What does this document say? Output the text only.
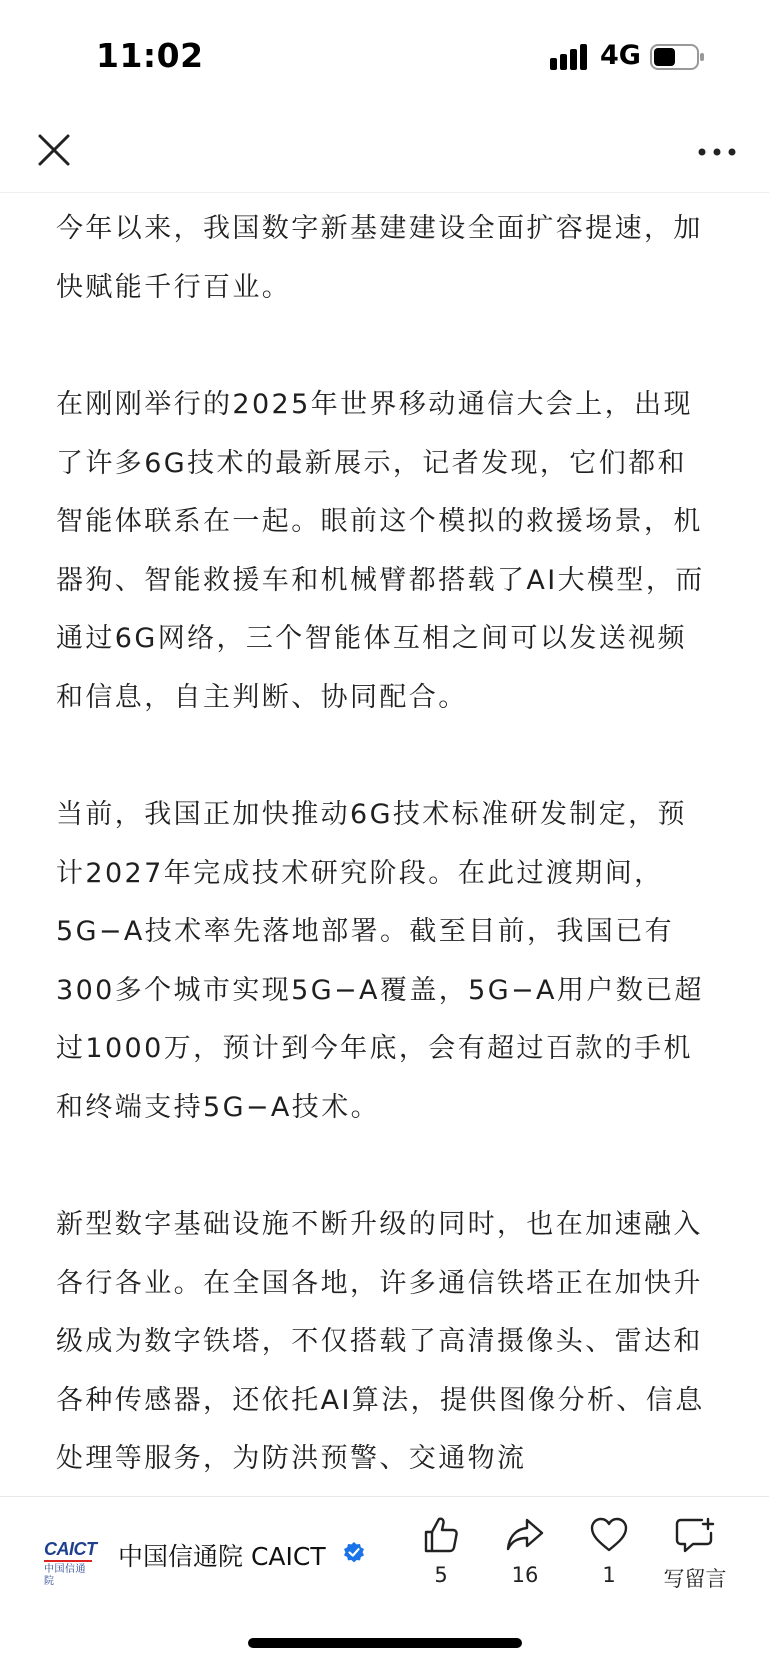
11:02	4G

今年以来，我国数字新基建建设全面扩容提速，加快赋能千行百业。

在刚刚举行的2025年世界移动通信大会上，出现了许多6G技术的最新展示，记者发现，它们都和智能体联系在一起。眼前这个模拟的救援场景，机器狗、智能救援车和机械臂都搭载了AI大模型，而通过6G网络，三个智能体互相之间可以发送视频和信息，自主判断、协同配合。

当前，我国正加快推动6G技术标准研发制定，预计2027年完成技术研究阶段。在此过渡期间，5G−A技术率先落地部署。截至目前，我国已有300多个城市实现5G−A覆盖，5G−A用户数已超过1000万，预计到今年底，会有超过百款的手机和终端支持5G−A技术。

新型数字基础设施不断升级的同时，也在加速融入各行各业。在全国各地，许多通信铁塔正在加快升级成为数字铁塔，不仅搭载了高清摄像头、雷达和各种传感器，还依托AI算法，提供图像分析、信息处理等服务，为防洪预警、交通物流

CAICT
中国信通院
中国信通院 CAICT
5	16	1	写留言
